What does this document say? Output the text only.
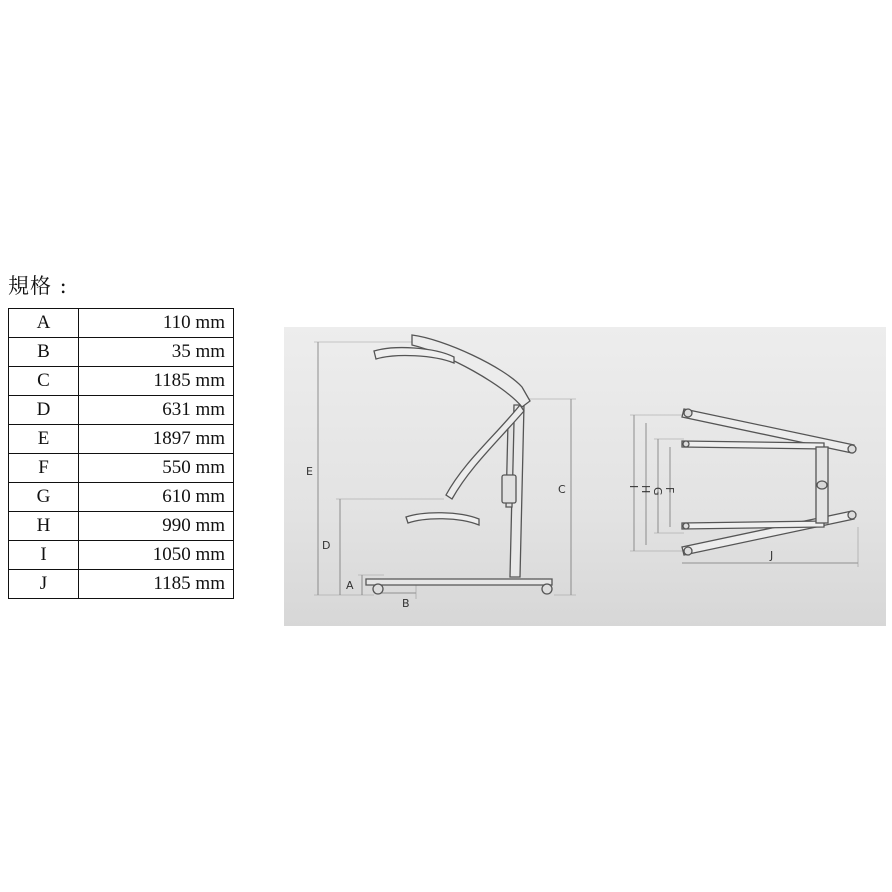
規格 :
A	110 mm
B	35 mm
C	1185 mm
D	631 mm
E	1897 mm
F	550 mm
G	610 mm
H	990 mm
I	1050 mm
J	1185 mm
E
D
A
B
C	I H G F
J
